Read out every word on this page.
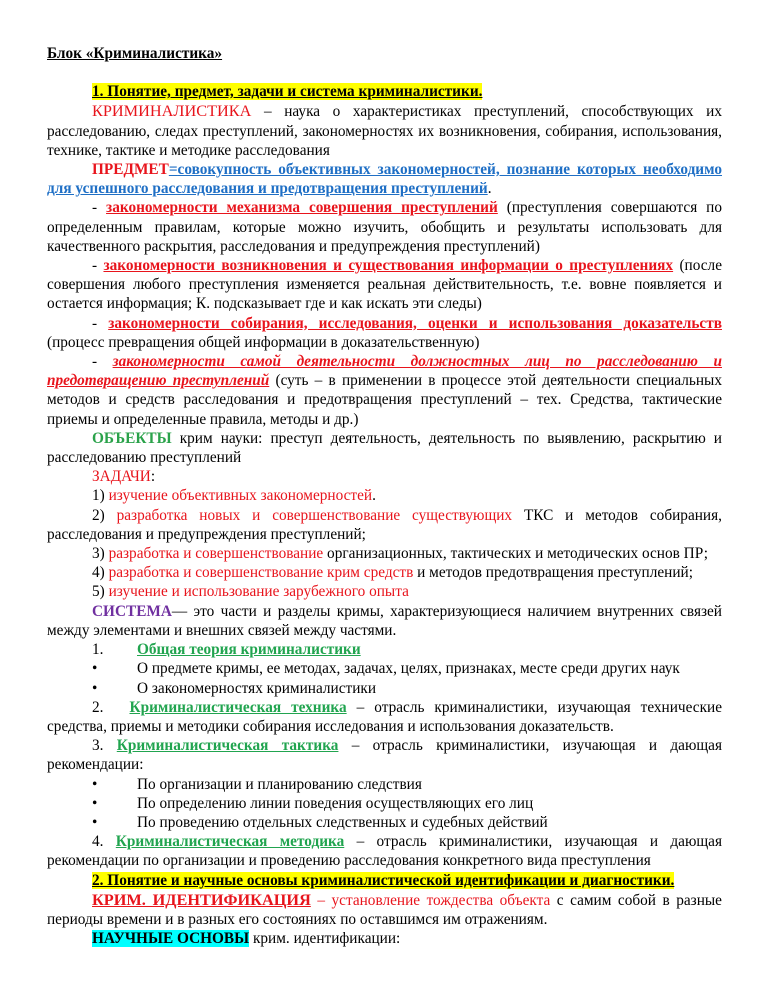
Блок «Криминалистика»

1. Понятие, предмет, задачи и система криминалистики.

КРИМИНАЛИСТИКА – наука о характеристиках преступлений, способствующих их расследованию, следах преступлений, закономерностях их возникновения, собирания, использования, технике, тактике и методике расследования

ПРЕДМЕТ=совокупность объективных закономерностей, познание которых необходимо для успешного расследования и предотвращения преступлений.

- закономерности механизма совершения преступлений (преступления совершаются по определенным правилам, которые можно изучить, обобщить и результаты использовать для качественного раскрытия, расследования и предупреждения преступлений)

- закономерности возникновения и существования информации о преступлениях (после совершения любого преступления изменяется реальная действительность, т.е. вовне появляется и остается информация; К. подсказывает где и как искать эти следы)

- закономерности собирания, исследования, оценки и использования доказательств (процесс превращения общей информации в доказательственную)

- закономерности самой деятельности должностных лиц по расследованию и предотвращению преступлений (суть – в применении в процессе этой деятельности специальных методов и средств расследования и предотвращения преступлений – тех. Средства, тактические приемы и определенные правила, методы и др.)

ОБЪЕКТЫ крим науки: преступ деятельность, деятельность по выявлению, раскрытию и расследованию преступлений

ЗАДАЧИ:

1) изучение объективных закономерностей.

2) разработка новых и совершенствование существующих ТКС и методов собирания, расследования и предупреждения преступлений;

3) разработка и совершенствование организационных, тактических и методических основ ПР;

4) разработка и совершенствование крим средств и методов предотвращения преступлений;

5) изучение и использование зарубежного опыта

СИСТЕМА— это части и разделы кримы, характеризующиеся наличием внутренних связей между элементами и внешних связей между частями.

1. Общая теория криминалистики

•	О предмете кримы, ее методах, задачах, целях, признаках, месте среди других наук

•	О закономерностях криминалистики

2. Криминалистическая техника – отрасль криминалистики, изучающая технические средства, приемы и методики собирания исследования и использования доказательств.

3. Криминалистическая тактика – отрасль криминалистики, изучающая и дающая рекомендации:

•	По организации и планированию следствия

•	По определению линии поведения осуществляющих его лиц

•	По проведению отдельных следственных и судебных действий

4. Криминалистическая методика – отрасль криминалистики, изучающая и дающая рекомендации по организации и проведению расследования конкретного вида преступления

2. Понятие и научные основы криминалистической идентификации и диагностики.

КРИМ. ИДЕНТИФИКАЦИЯ – установление тождества объекта с самим собой в разные периоды времени и в разных его состояниях по оставшимся им отражениям.

НАУЧНЫЕ ОСНОВЫ крим. идентификации:
